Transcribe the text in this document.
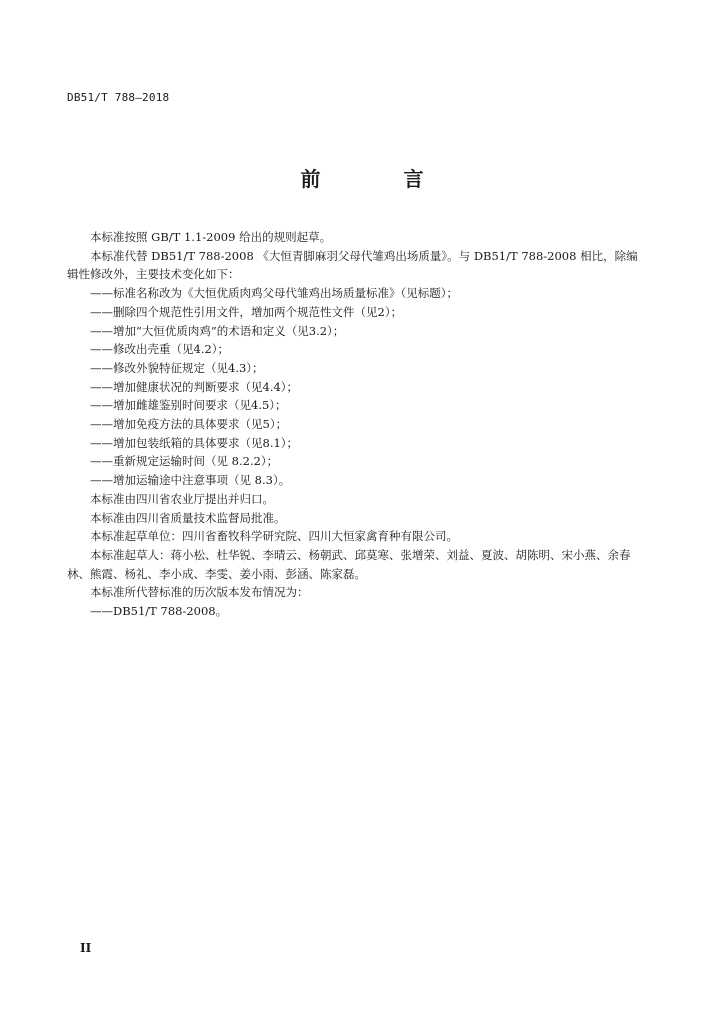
DB51/T 788—2018
前 言

本标准按照 GB/T 1.1-2009 给出的规则起草。

本标准代替 DB51/T 788-2008 《大恒青脚麻羽父母代雏鸡出场质量》。与 DB51/T 788-2008 相比，除编辑性修改外，主要技术变化如下：

——标准名称改为《大恒优质肉鸡父母代雏鸡出场质量标准》（见标题）；

——删除四个规范性引用文件，增加两个规范性文件（见2）；

——增加“大恒优质肉鸡”的术语和定义（见3.2）；

——修改出壳重（见4.2）；

——修改外貌特征规定（见4.3）；

——增加健康状况的判断要求（见4.4）；

——增加雌雄鉴别时间要求（见4.5）；

——增加免疫方法的具体要求（见5）；

——增加包装纸箱的具体要求（见8.1）；

——重新规定运输时间（见 8.2.2）；

——增加运输途中注意事项（见 8.3）。

本标准由四川省农业厅提出并归口。

本标准由四川省质量技术监督局批准。

本标准起草单位：四川省畜牧科学研究院、四川大恒家禽育种有限公司。

本标准起草人：蒋小松、杜华锐、李晴云、杨朝武、邱莫寒、张增荣、刘益、夏波、胡陈明、宋小燕、余春林、熊霞、杨礼、李小成、李雯、姜小雨、彭涵、陈家磊。

本标准所代替标准的历次版本发布情况为：

——DB51/T 788-2008。

II
